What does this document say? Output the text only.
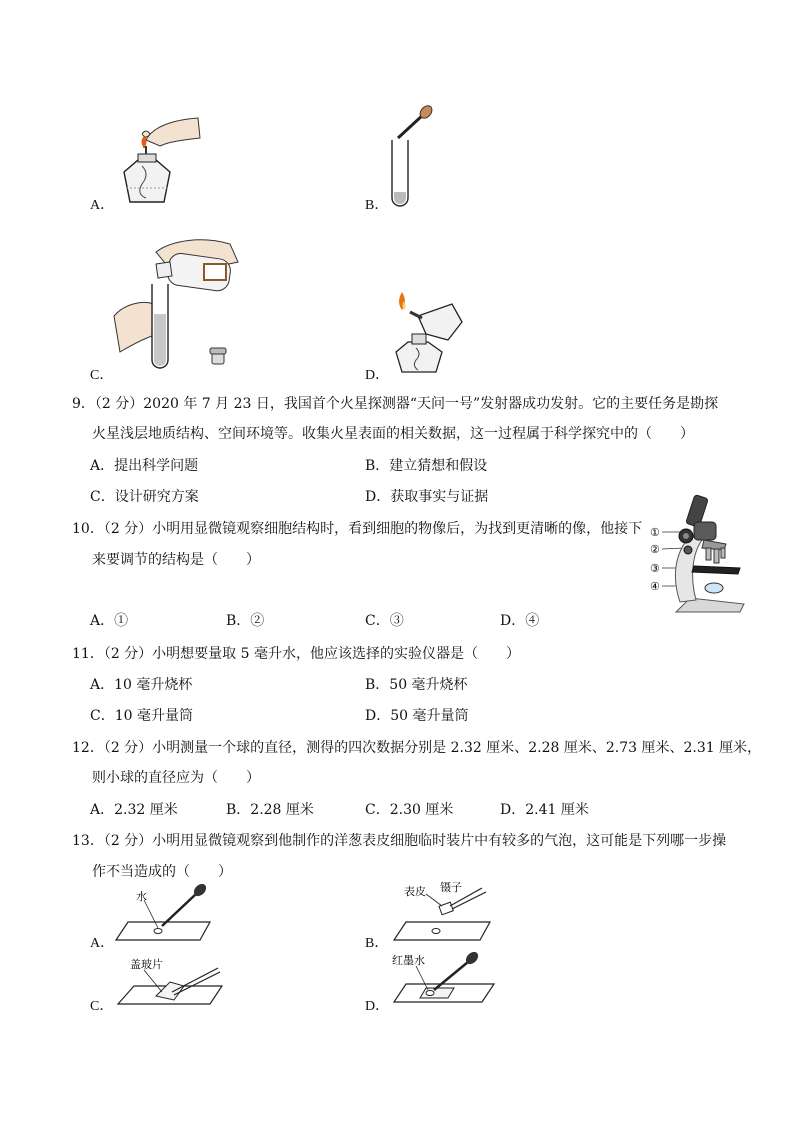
A．	B．
C．	D．
9．（2 分）2020 年 7 月 23 日，我国首个火星探测器“天问一号”发射器成功发射。它的主要任务是勘探
火星浅层地质结构、空间环境等。收集火星表面的相关数据，这一过程属于科学探究中的（　　）
A．提出科学问题	B．建立猜想和假设
C．设计研究方案	D．获取事实与证据
10．（2 分）小明用显微镜观察细胞结构时，看到细胞的物像后，为找到更清晰的像，他接下
来要调节的结构是（　　）
A．①	B．②	C．③	D．④
①
②
③
④
11．（2 分）小明想要量取 5 毫升水，他应该选择的实验仪器是（　　）
A．10 毫升烧杯	B．50 毫升烧杯
C．10 毫升量筒	D．50 毫升量筒
12．（2 分）小明测量一个球的直径，测得的四次数据分别是 2.32 厘米、2.28 厘米、2.73 厘米、2.31 厘米，
则小球的直径应为（　　）
A．2.32 厘米	B．2.28 厘米	C．2.30 厘米	D．2.41 厘米
13．（2 分）小明用显微镜观察到他制作的洋葱表皮细胞临时装片中有较多的气泡，这可能是下列哪一步操
作不当造成的（　　）
A．
水
B．
表皮 镊子
C．
盖玻片
D．
红墨水
